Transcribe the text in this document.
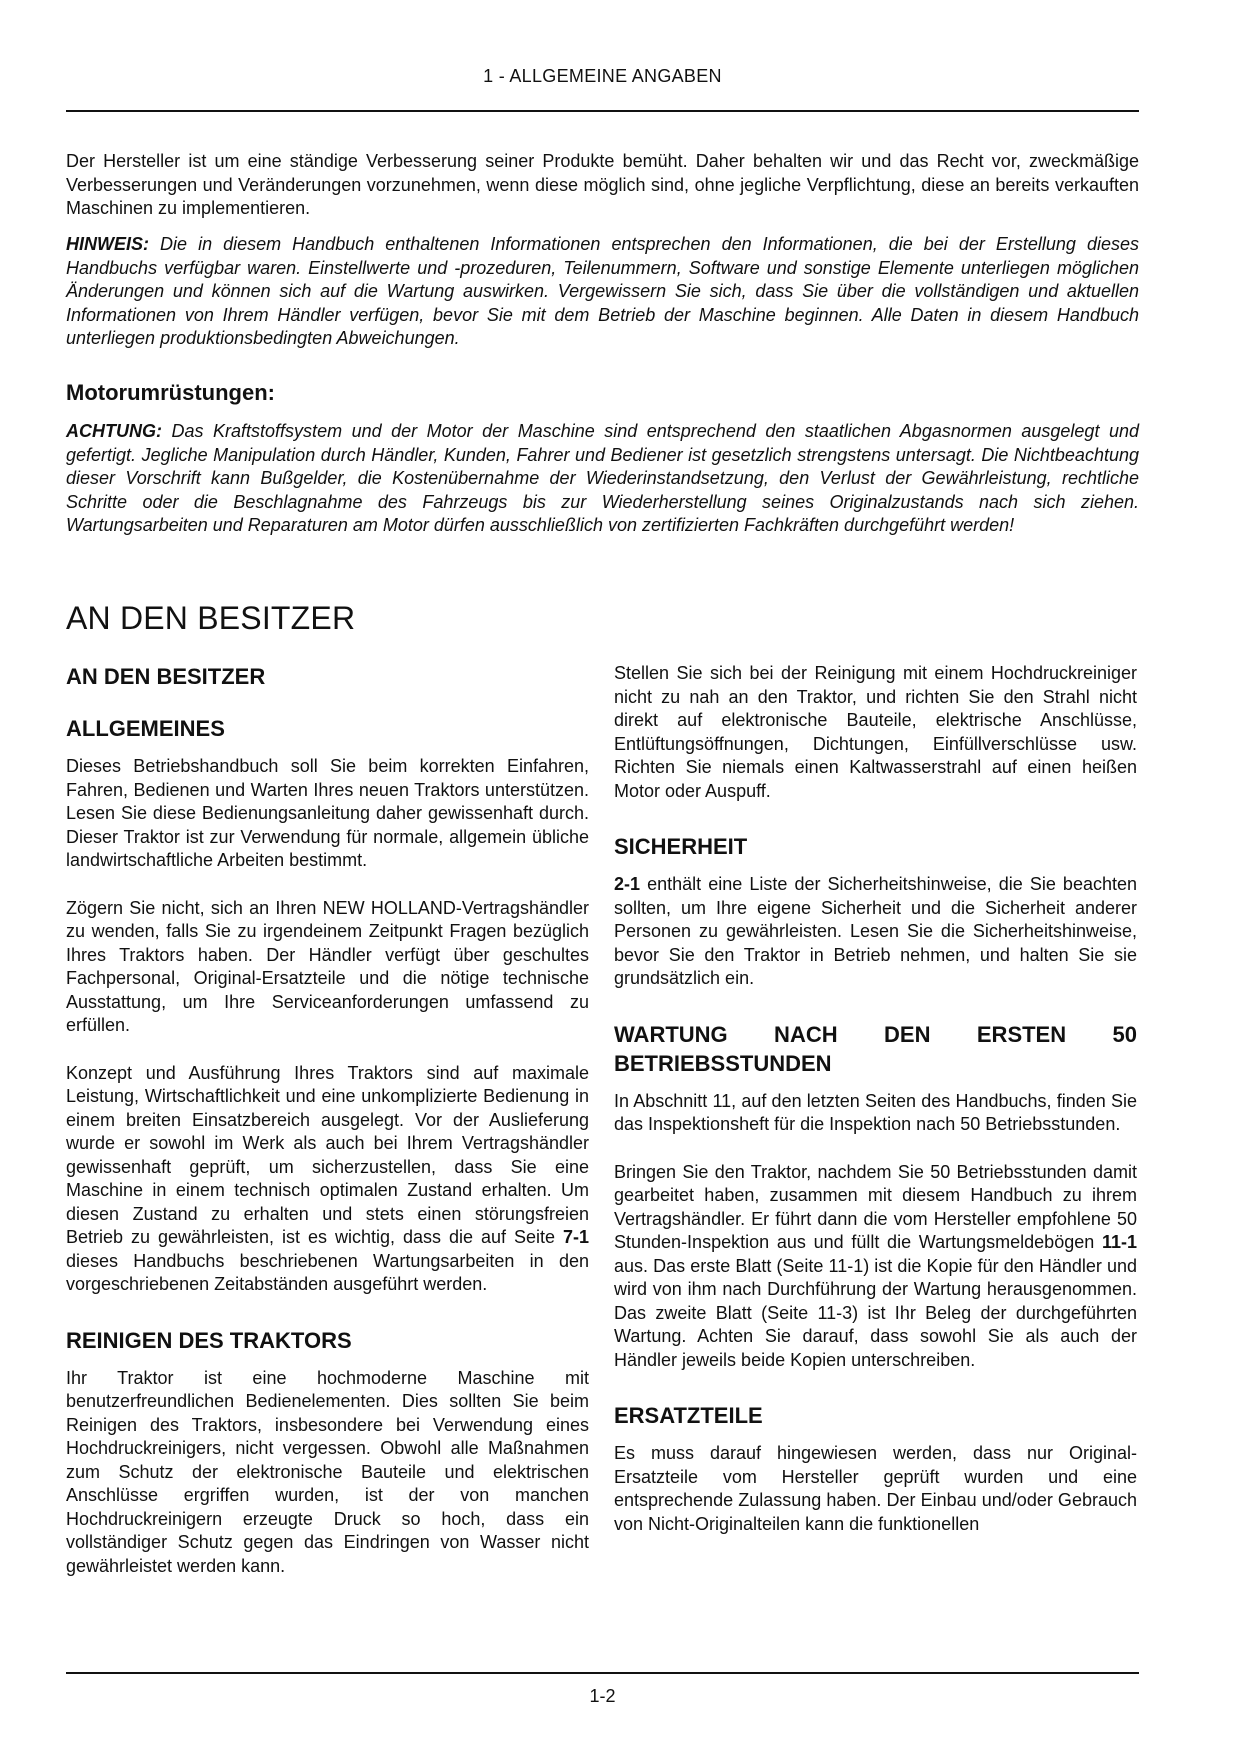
1 - ALLGEMEINE ANGABEN

Der Hersteller ist um eine ständige Verbesserung seiner Produkte bemüht. Daher behalten wir und das Recht vor, zweckmäßige Verbesserungen und Veränderungen vorzunehmen, wenn diese möglich sind, ohne jegliche Verpflichtung, diese an bereits verkauften Maschinen zu implementieren.

HINWEIS: Die in diesem Handbuch enthaltenen Informationen entsprechen den Informationen, die bei der Erstellung dieses Handbuchs verfügbar waren. Einstellwerte und -prozeduren, Teilenummern, Software und sonstige Elemente unterliegen möglichen Änderungen und können sich auf die Wartung auswirken. Vergewissern Sie sich, dass Sie über die vollständigen und aktuellen Informationen von Ihrem Händler verfügen, bevor Sie mit dem Betrieb der Maschine beginnen. Alle Daten in diesem Handbuch unterliegen produktionsbedingten Abweichungen.

Motorumrüstungen:

ACHTUNG: Das Kraftstoffsystem und der Motor der Maschine sind entsprechend den staatlichen Abgasnormen ausgelegt und gefertigt. Jegliche Manipulation durch Händler, Kunden, Fahrer und Bediener ist gesetzlich strengstens untersagt. Die Nichtbeachtung dieser Vorschrift kann Bußgelder, die Kostenübernahme der Wiederinstandsetzung, den Verlust der Gewährleistung, rechtliche Schritte oder die Beschlagnahme des Fahrzeugs bis zur Wiederherstellung seines Originalzustands nach sich ziehen. Wartungsarbeiten und Reparaturen am Motor dürfen ausschließlich von zertifizierten Fachkräften durchgeführt werden!

AN DEN BESITZER
AN DEN BESITZER
ALLGEMEINES

Dieses Betriebshandbuch soll Sie beim korrekten Einfahren, Fahren, Bedienen und Warten Ihres neuen Traktors unterstützen. Lesen Sie diese Bedienungsanleitung daher gewissenhaft durch. Dieser Traktor ist zur Verwendung für normale, allgemein übliche landwirtschaftliche Arbeiten bestimmt.

Zögern Sie nicht, sich an Ihren NEW HOLLAND-Vertragshändler zu wenden, falls Sie zu irgendeinem Zeitpunkt Fragen bezüglich Ihres Traktors haben. Der Händler verfügt über geschultes Fachpersonal, Original-Ersatzteile und die nötige technische Ausstattung, um Ihre Serviceanforderungen umfassend zu erfüllen.

Konzept und Ausführung Ihres Traktors sind auf maximale Leistung, Wirtschaftlichkeit und eine unkomplizierte Bedienung in einem breiten Einsatzbereich ausgelegt. Vor der Auslieferung wurde er sowohl im Werk als auch bei Ihrem Vertragshändler gewissenhaft geprüft, um sicherzustellen, dass Sie eine Maschine in einem technisch optimalen Zustand erhalten. Um diesen Zustand zu erhalten und stets einen störungsfreien Betrieb zu gewährleisten, ist es wichtig, dass die auf Seite 7-1 dieses Handbuchs beschriebenen Wartungsarbeiten in den vorgeschriebenen Zeitabständen ausgeführt werden.

REINIGEN DES TRAKTORS

Ihr Traktor ist eine hochmoderne Maschine mit benutzerfreundlichen Bedienelementen. Dies sollten Sie beim Reinigen des Traktors, insbesondere bei Verwendung eines Hochdruckreinigers, nicht vergessen. Obwohl alle Maßnahmen zum Schutz der elektronische Bauteile und elektrischen Anschlüsse ergriffen wurden, ist der von manchen Hochdruckreinigern erzeugte Druck so hoch, dass ein vollständiger Schutz gegen das Eindringen von Wasser nicht gewährleistet werden kann.

Stellen Sie sich bei der Reinigung mit einem Hochdruckreiniger nicht zu nah an den Traktor, und richten Sie den Strahl nicht direkt auf elektronische Bauteile, elektrische Anschlüsse, Entlüftungsöffnungen, Dichtungen, Einfüllverschlüsse usw. Richten Sie niemals einen Kaltwasserstrahl auf einen heißen Motor oder Auspuff.

SICHERHEIT

2-1 enthält eine Liste der Sicherheitshinweise, die Sie beachten sollten, um Ihre eigene Sicherheit und die Sicherheit anderer Personen zu gewährleisten. Lesen Sie die Sicherheitshinweise, bevor Sie den Traktor in Betrieb nehmen, und halten Sie sie grundsätzlich ein.

WARTUNG NACH DEN ERSTEN 50 BETRIEBSSTUNDEN

In Abschnitt 11, auf den letzten Seiten des Handbuchs, finden Sie das Inspektionsheft für die Inspektion nach 50 Betriebsstunden.

Bringen Sie den Traktor, nachdem Sie 50 Betriebsstunden damit gearbeitet haben, zusammen mit diesem Handbuch zu ihrem Vertragshändler. Er führt dann die vom Hersteller empfohlene 50 Stunden-Inspektion aus und füllt die Wartungsmeldebögen 11-1 aus. Das erste Blatt (Seite 11-1) ist die Kopie für den Händler und wird von ihm nach Durchführung der Wartung herausgenommen. Das zweite Blatt (Seite 11-3) ist Ihr Beleg der durchgeführten Wartung. Achten Sie darauf, dass sowohl Sie als auch der Händler jeweils beide Kopien unterschreiben.

ERSATZTEILE

Es muss darauf hingewiesen werden, dass nur Original-Ersatzteile vom Hersteller geprüft wurden und eine entsprechende Zulassung haben. Der Einbau und/oder Gebrauch von Nicht-Originalteilen kann die funktionellen

1-2
